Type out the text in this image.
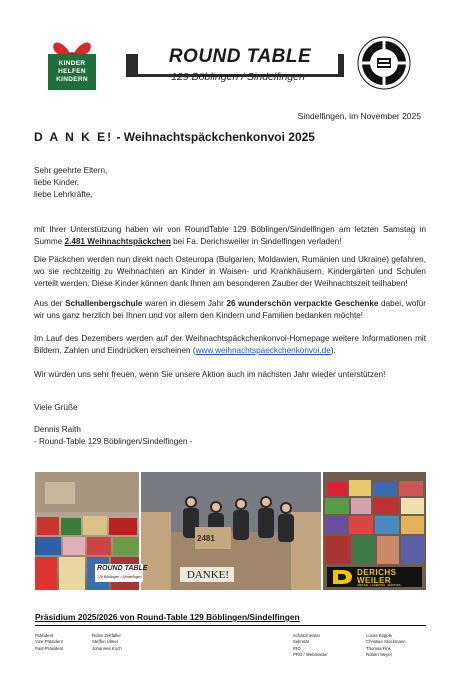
KINDER
HELFEN
KINDERN
ROUND TABLE
129 Böblingen / Sindelfingen
Sindelfingen, im November 2025
D A N K E! - Weihnachtspäckchenkonvoi 2025
Sehr geehrte Eltern,
liebe Kinder,
liebe Lehrkräfte,
mit Ihrer Unterstützung haben wir von RoundTable 129 Böblingen/Sindelfingen am letzten Samstag in Summe 2.481 Weihnachtspäckchen bei Fa. Derichsweiler in Sindelfingen verladen!
Die Päckchen werden nun direkt nach Osteuropa (Bulgarien, Moldawien, Rumänien und Ukraine) gefahren, wo sie rechtzeitig zu Weihnachten an Kinder in Waisen- und Krankhäusern, Kindergärten und Schulen verteilt werden. Diese Kinder können dank Ihnen am besonderen Zauber der Weihnachtszeit teilhaben!
Aus der Schallenbergschule waren in diesem Jahr 26 wunderschön verpackte Geschenke dabei, wofür wir uns ganz herzlich bei Ihnen und vor allem den Kindern und Familien bedanken möchte!
Im Lauf des Dezembers werden auf der Weihnachtspäckchenkonvoi-Homepage weitere Informationen mit Bildern, Zahlen und Eindrücken erscheinen (www.weihnachtspaeckchenkonvoi.de).
Wir würden uns sehr freuen, wenn Sie unsere Aktion auch im nächsten Jahr wieder unterstützen!
Viele Grüße
Dennis Raith
- Round-Table 129 Böblingen/Sindelfingen -
ROUND TABLE
129 Böblingen / Sindelfingen
2481
DANKE!	DERICHS
WEILER
UMZÜGE · LAGERUNG · SERVICES
Präsidium 2025/2026 von Round-Table 129 Böblingen/Sindelfingen
Präsident
Vize-Präsident
Past-Präsident
Robin Zeltfaller
Steffen Ulmer
Johannes Koch
Schatzmeister
Sekretär
IRO
PRO / Webmaster
Lucas Köpple
Christian Stockmann
Thomas Fink
Robert Meyer
